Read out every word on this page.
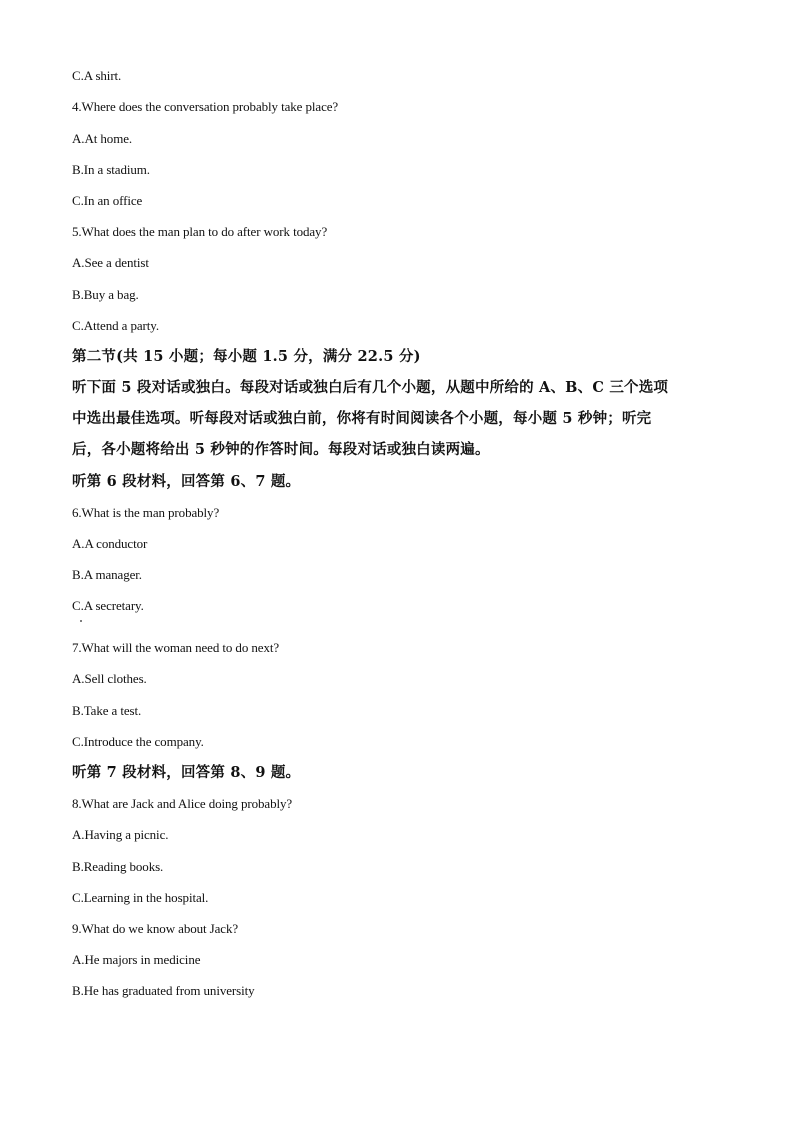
C.A shirt.
4.Where does the conversation probably take place?
A.At home.
B.In a stadium.
C.In an office
5.What does the man plan to do after work today?
A.See a dentist
B.Buy a bag.
C.Attend a party.
第二节(共 15 小题；每小题 1.5 分，满分 22.5 分)
听下面 5 段对话或独白。每段对话或独白后有几个小题，从题中所给的 A、B、C 三个选项
中选出最佳选项。听每段对话或独白前，你将有时间阅读各个小题，每小题 5 秒钟；听完
后，各小题将给出 5 秒钟的作答时间。每段对话或独白读两遍。
听第 6 段材料，回答第 6、7 题。
6.What is the man probably?
A.A conductor
B.A manager.
C.A secretary.
7.What will the woman need to do next?
A.Sell clothes.
B.Take a test.
C.Introduce the company.
听第 7 段材料，回答第 8、9 题。
8.What are Jack and Alice doing probably?
A.Having a picnic.
B.Reading books.
C.Learning in the hospital.
9.What do we know about Jack?
A.He majors in medicine
B.He has graduated from university
